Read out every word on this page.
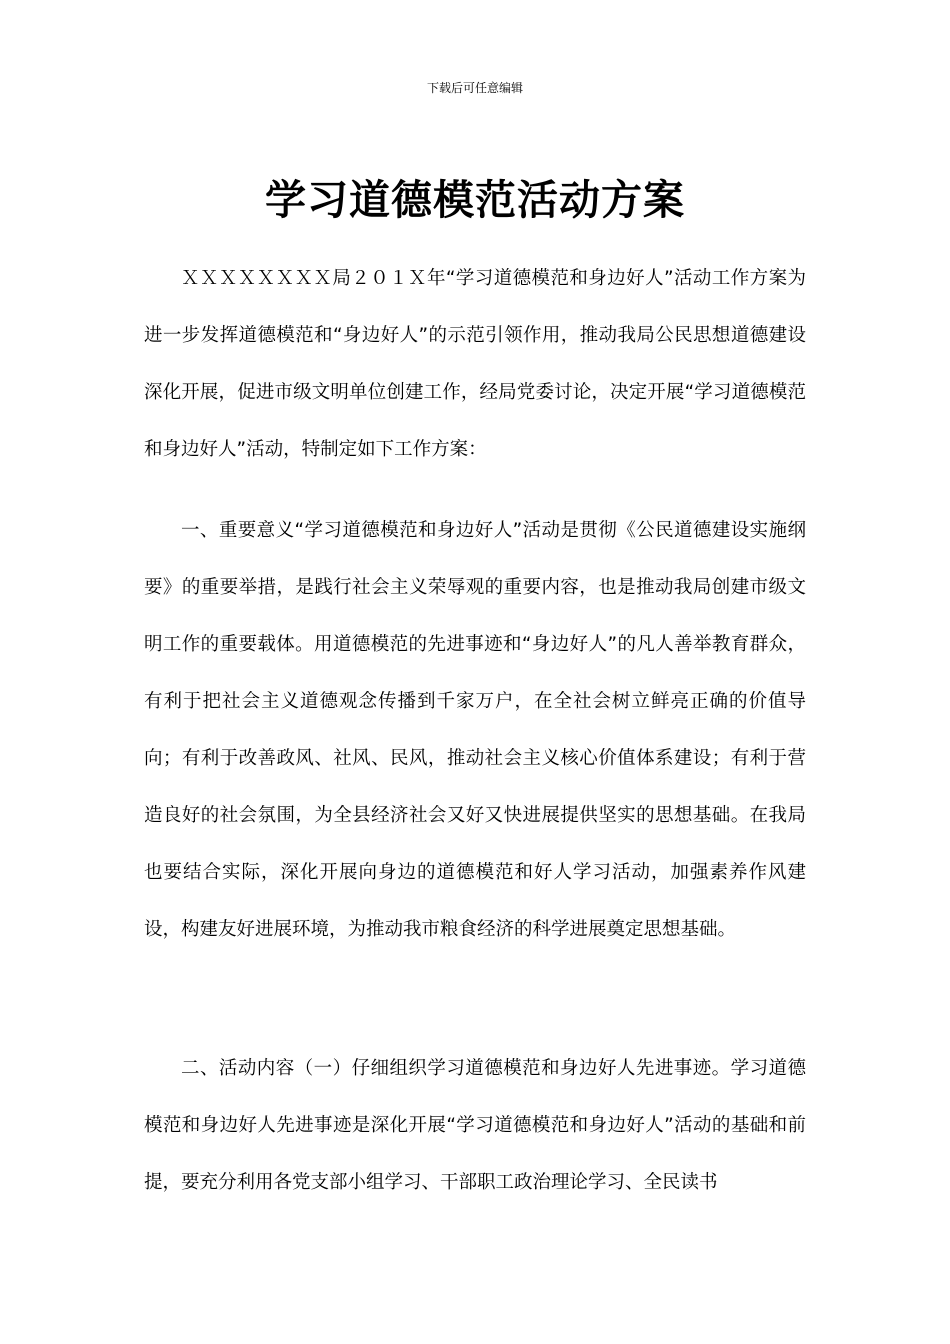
下载后可任意编辑
学习道德模范活动方案

ＸＸＸＸＸＸＸＸ局２０１Ｘ年“学习道德模范和身边好人”活动工作方案为进一步发挥道德模范和“身边好人”的示范引领作用，推动我局公民思想道德建设深化开展，促进市级文明单位创建工作，经局党委讨论，决定开展“学习道德模范和身边好人”活动，特制定如下工作方案：

一、重要意义“学习道德模范和身边好人”活动是贯彻《公民道德建设实施纲要》的重要举措，是践行社会主义荣辱观的重要内容，也是推动我局创建市级文明工作的重要载体。用道德模范的先进事迹和“身边好人”的凡人善举教育群众，有利于把社会主义道德观念传播到千家万户，在全社会树立鲜亮正确的价值导向；有利于改善政风、社风、民风，推动社会主义核心价值体系建设；有利于营造良好的社会氛围，为全县经济社会又好又快进展提供坚实的思想基础。在我局也要结合实际，深化开展向身边的道德模范和好人学习活动，加强素养作风建设，构建友好进展环境，为推动我市粮食经济的科学进展奠定思想基础。

二、活动内容（一）仔细组织学习道德模范和身边好人先进事迹。学习道德模范和身边好人先进事迹是深化开展“学习道德模范和身边好人”活动的基础和前提，要充分利用各党支部小组学习、干部职工政治理论学习、全民读书
